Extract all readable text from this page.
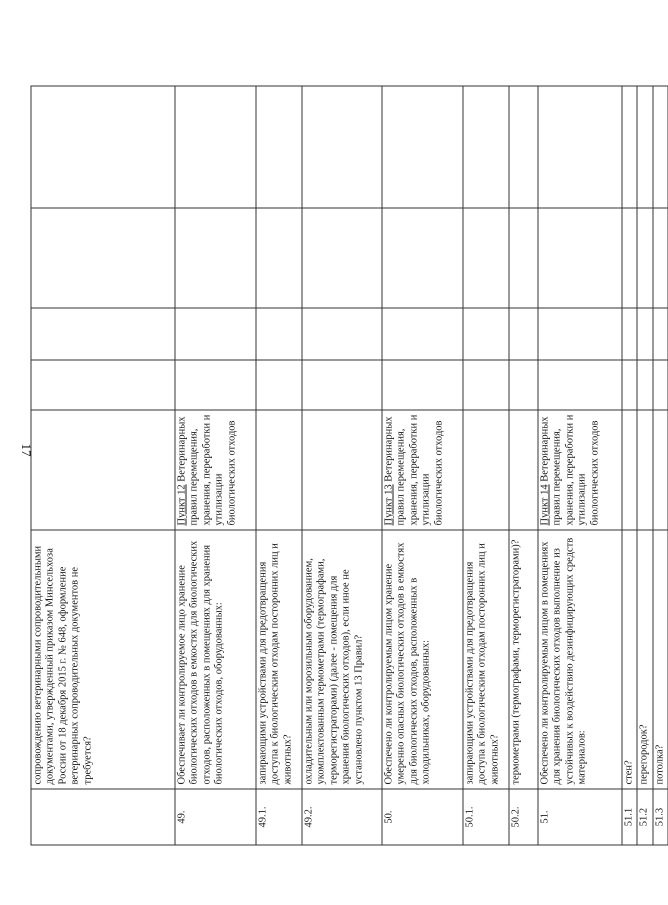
17
	сопровождению ветеринарными сопроводительными документами, утвержденный приказом Минсельхоза России от 18 декабря 2015 г. № 648, оформление ветеринарных сопроводительных документов не требуется?					
49.	Обеспечивает ли контролируемое лицо хранение биологических отходов в емкостях для биологических отходов, расположенных в помещениях для хранения биологических отходов, оборудованных:	Пункт 12 Ветеринарных правил перемещения, хранения, переработки и утилизации биологических отходов				
49.1.	запирающими устройствами для предотвращения доступа к биологическим отходам посторонних лиц и животных?					
49.2.	охладительным или морозильным оборудованием, укомплектованным термометрами (термографами, терморегистраторами) (далее - помещения для хранения биологических отходов), если иное не установлено пунктом 13 Правил?					
50.	Обеспечено ли контролируемым лицом хранение умеренно опасных биологических отходов в емкостях для биологических отходов, расположенных в холодильниках, оборудованных:	Пункт 13 Ветеринарных правил перемещения, хранения, переработки и утилизации биологических отходов				
50.1.	запирающими устройствами для предотвращения доступа к биологическим отходам посторонних лиц и животных?					
50.2.	термометрами (термографами, терморегистраторами)?					
51.	Обеспечено ли контролируемым лицом в помещениях для хранения биологических отходов выполнение из устойчивых к воздействию дезинфицирующих средств материалов:	Пункт 14 Ветеринарных правил перемещения, хранения, переработки и утилизации биологических отходов				
51.1	стен?					
51.2	перегородок?					
51.3	потолка?					
